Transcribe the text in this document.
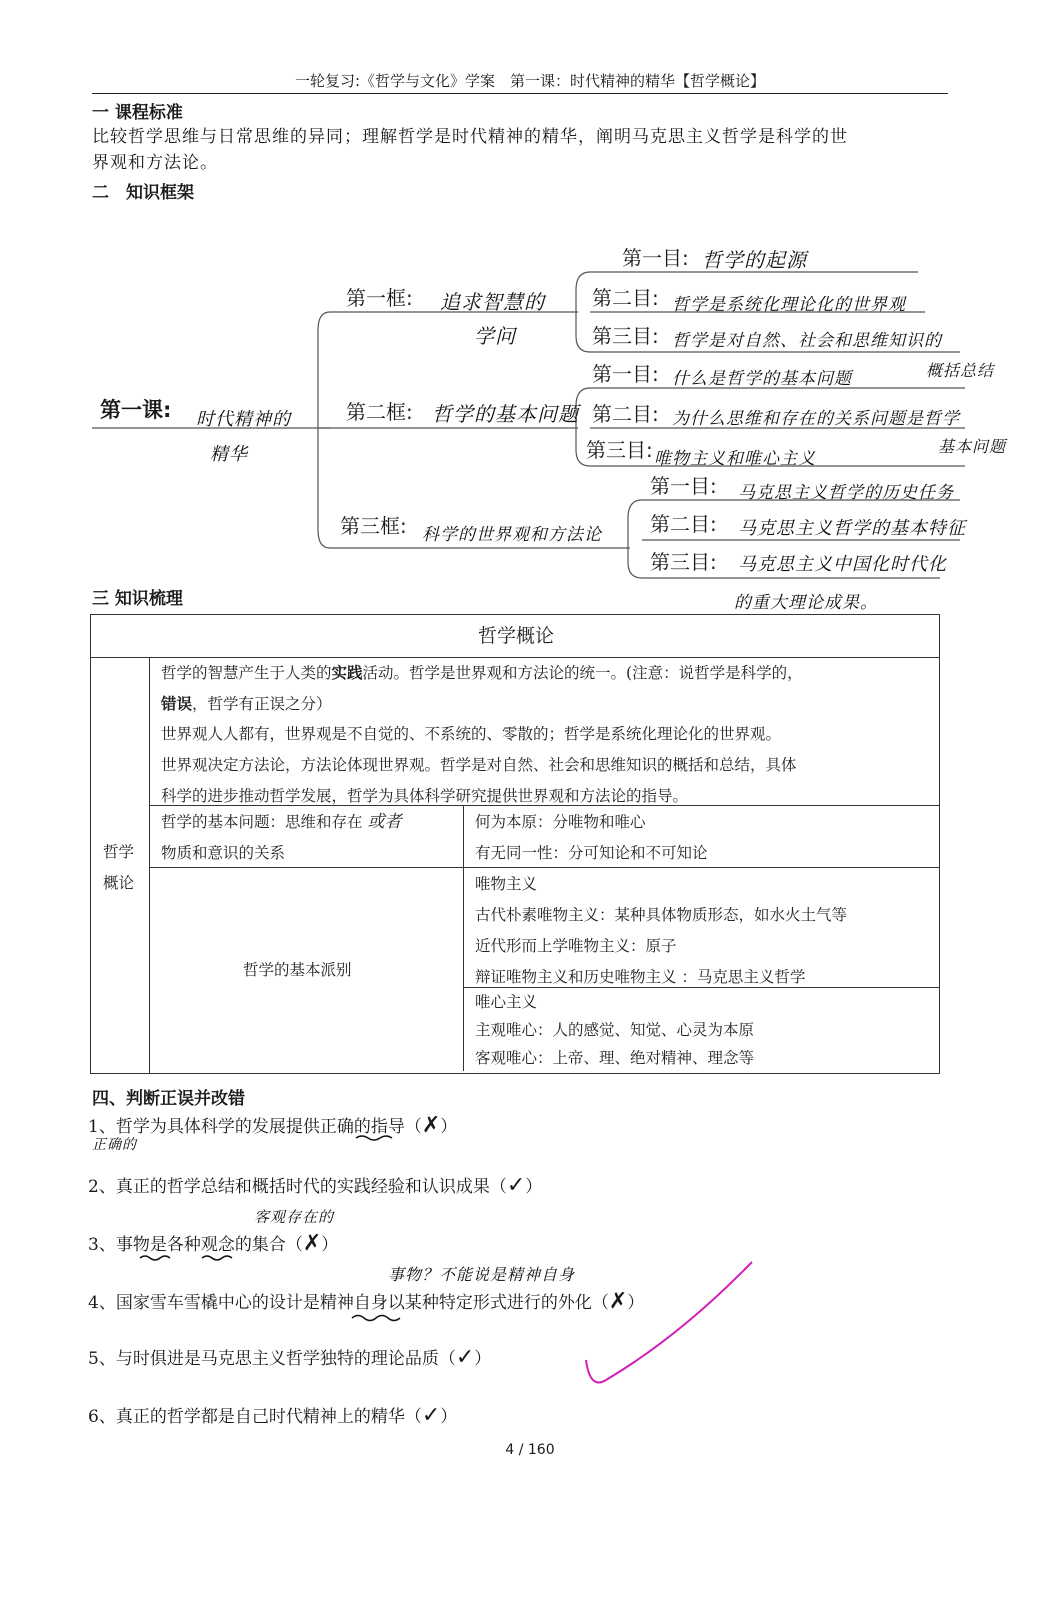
一轮复习:《哲学与文化》学案　第一课：时代精神的精华【哲学概论】
一 课程标准
比较哲学思维与日常思维的异同；理解哲学是时代精神的精华，阐明马克思主义哲学是科学的世
界观和方法论。
二　知识框架
第一课: 时代精神的
精华
第一框: 追求智慧的
学问
第一目: 哲学的起源
第二目: 哲学是系统化理论化的世界观
第三目: 哲学是对自然、社会和思维知识的
概括总结
第二框: 哲学的基本问题
第一目: 什么是哲学的基本问题
第二目: 为什么思维和存在的关系问题是哲学
第三目: 唯物主义和唯心主义
基本问题
第三框: 科学的世界观和方法论
第一目: 马克思主义哲学的历史任务
第二目: 马克思主义哲学的基本特征
第三目: 马克思主义中国化时代化
的重大理论成果。
三 知识梳理
哲学概论
哲学
概论
哲学的智慧产生于人类的实践活动。哲学是世界观和方法论的统一。(注意：说哲学是科学的，
错误，哲学有正误之分）
世界观人人都有，世界观是不自觉的、不系统的、零散的；哲学是系统化理论化的世界观。
世界观决定方法论，方法论体现世界观。哲学是对自然、社会和思维知识的概括和总结，具体
科学的进步推动哲学发展，哲学为具体科学研究提供世界观和方法论的指导。
哲学的基本问题：思维和存在 或者
物质和意识的关系
何为本原：分唯物和唯心
有无同一性：分可知论和不可知论
哲学的基本派别
唯物主义
古代朴素唯物主义：某种具体物质形态，如水火土气等
近代形而上学唯物主义：原子
辩证唯物主义和历史唯物主义 ：马克思主义哲学
唯心主义
主观唯心：人的感觉、知觉、心灵为本原
客观唯心：上帝、理、绝对精神、理念等
四、判断正误并改错
1、哲学为具体科学的发展提供正确的指导（✗）
正确的
2、真正的哲学总结和概括时代的实践经验和认识成果（✓）
客观存在的
3、事物是各种观念的集合（✗）
事物？不能说是精神自身
4、国家雪车雪橇中心的设计是精神自身以某种特定形式进行的外化（✗）
5、与时俱进是马克思主义哲学独特的理论品质（✓）
6、真正的哲学都是自己时代精神上的精华（✓）
4 / 160
